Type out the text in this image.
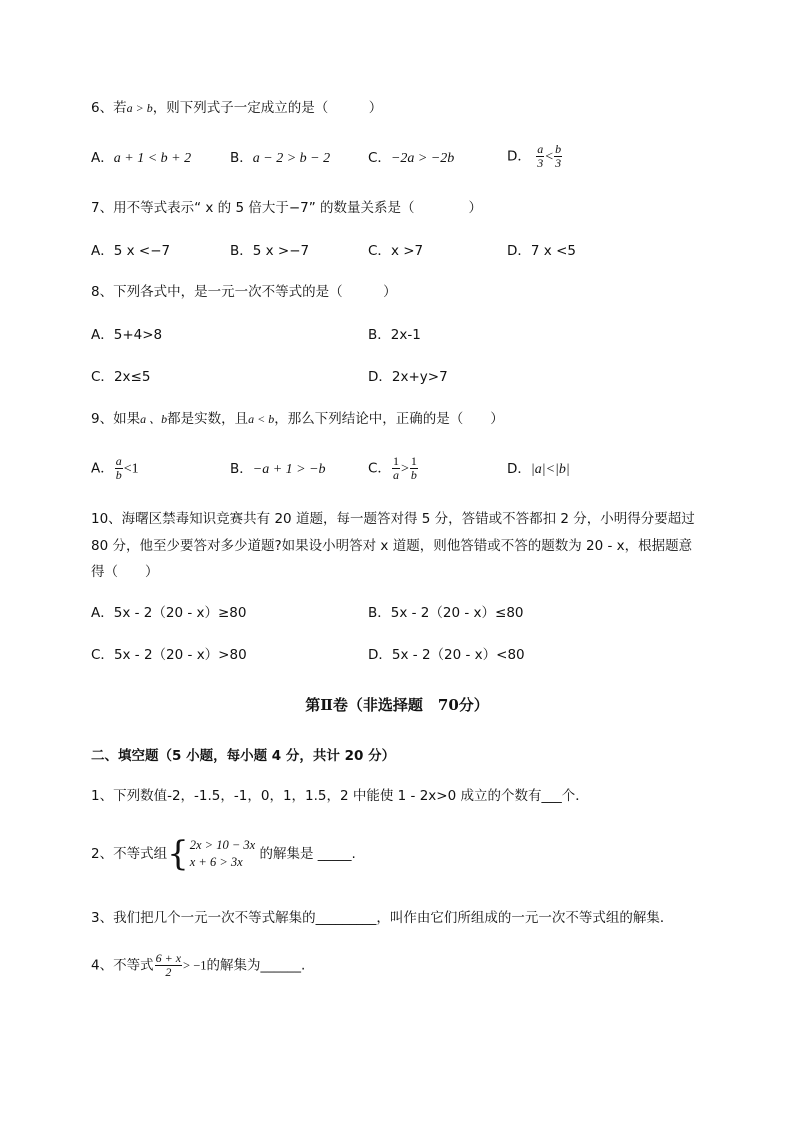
6、若a > b，则下列式子一定成立的是（　　　）
A．a + 1 < b + 2	B．a − 2 > b − 2	C．−2a > −2b	D． $\frac{a}{3} < \frac{b}{3}$
7、用不等式表示“ x 的 5 倍大于−7” 的数量关系是（　　　　）
A．5 x <−7	B．5 x >−7	C．x >7	D．7 x <5
8、下列各式中，是一元一次不等式的是（　　　）
A．5+4>8	B．2x-1
C．2x≤5	D．2x+y>7
9、如果a 、b都是实数，且a < b，那么下列结论中，正确的是（　　）
A． $\frac{a}{b} <1$	B．−a + 1 > −b	C． $\frac{1}{a} > \frac{1}{b}$	D．|a|<|b|
10、海曙区禁毒知识竞赛共有 20 道题，每一题答对得 5 分，答错或不答都扣 2 分，小明得分要超过
80 分，他至少要答对多少道题?如果设小明答对 x 道题，则他答错或不答的题数为 20 - x，根据题意
得（　　）
A．5x - 2（20 - x）≥80	B．5x - 2（20 - x）≤80
C．5x - 2（20 - x）>80	D．5x - 2（20 - x）<80
第Ⅱ卷（非选择题　70分）
二、填空题（5 小题，每小题 4 分，共计 20 分）
1、下列数值-2，-1.5，-1，0，1，1.5，2 中能使 1 - 2x>0 成立的个数有___个．
2、不等式组{ 2x > 10 − 3x
x + 6 > 3x	的解集是 _____.
3、我们把几个一元一次不等式解集的_________，叫作由它们所组成的一元一次不等式组的解集．
4、不等式 $\frac{6 + x}{2} > -1$的解集为______.
